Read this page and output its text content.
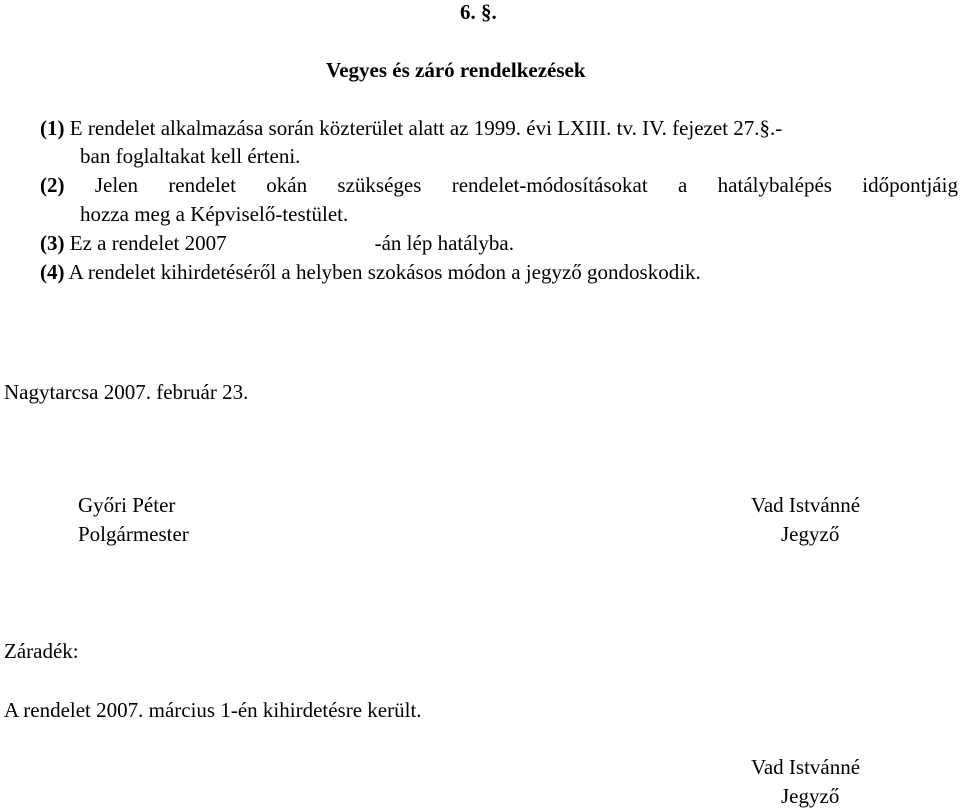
6. §.
Vegyes és záró rendelkezések
(1) E rendelet alkalmazása során közterület alatt az 1999. évi LXIII. tv. IV. fejezet 27.§.-
ban foglaltakat kell érteni.
(2) Jelen rendelet okán szükséges rendelet-módosításokat a hatálybalépés időpontjáig
hozza meg a Képviselő-testület.
(3) Ez a rendelet 2007	-án lép hatályba.
(4) A rendelet kihirdetéséről a helyben szokásos módon a jegyző gondoskodik.
Nagytarcsa 2007. február 23.
Győri Péter
Polgármester
Vad Istvánné
Jegyző
Záradék:
A rendelet 2007. március 1-én kihirdetésre került.
Vad Istvánné
Jegyző
